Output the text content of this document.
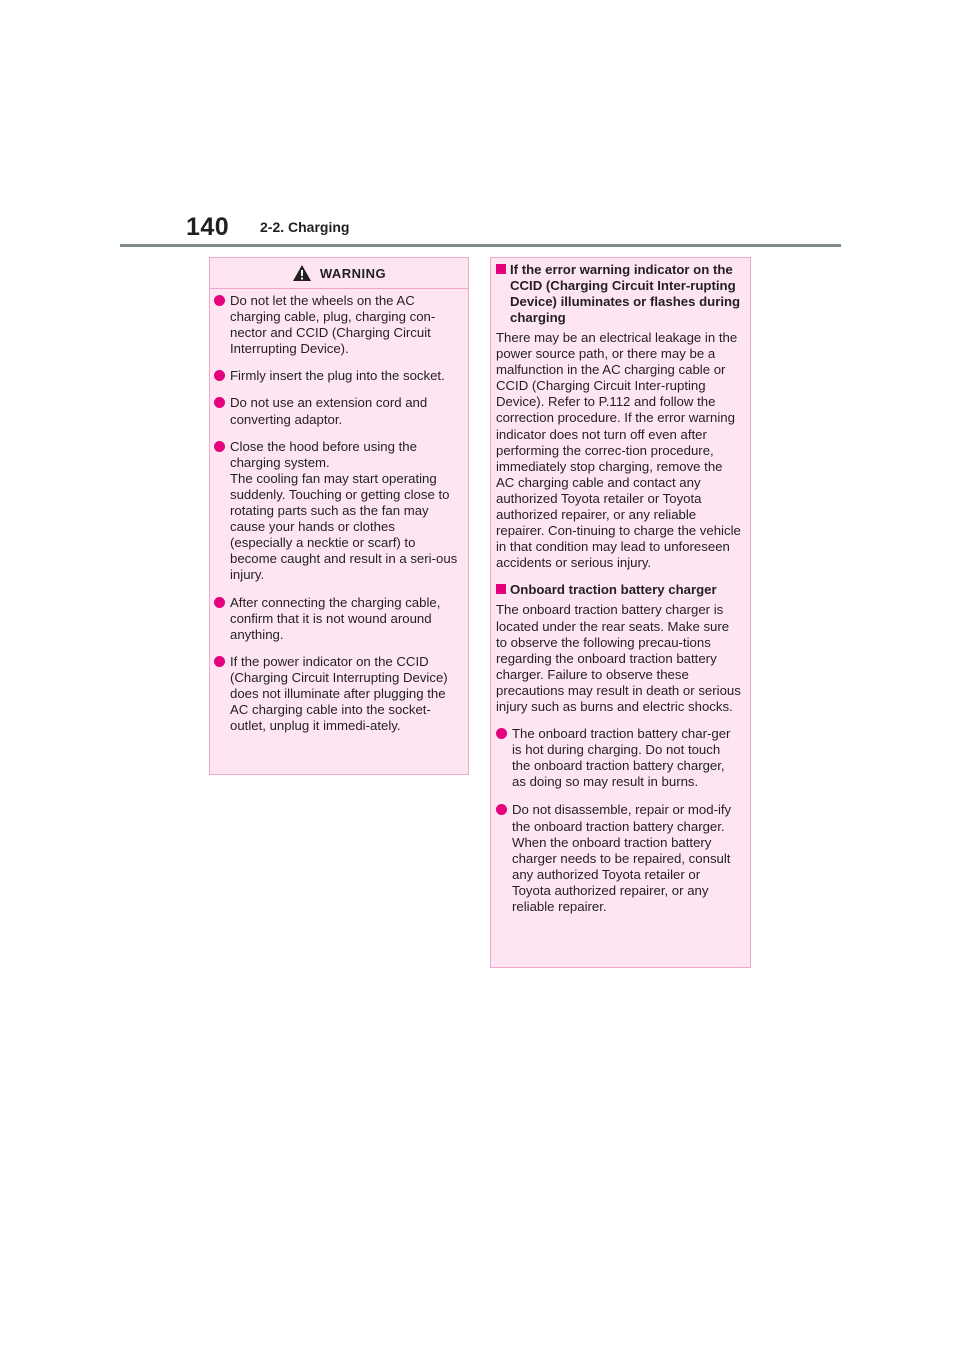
140 2-2. Charging
WARNING
Do not let the wheels on the AC charging cable, plug, charging con-nector and CCID (Charging Circuit Interrupting Device).
Firmly insert the plug into the socket.
Do not use an extension cord and converting adaptor.
Close the hood before using the charging system.
The cooling fan may start operating suddenly. Touching or getting close to rotating parts such as the fan may cause your hands or clothes (especially a necktie or scarf) to become caught and result in a seri-ous injury.
After connecting the charging cable, confirm that it is not wound around anything.
If the power indicator on the CCID (Charging Circuit Interrupting Device) does not illuminate after plugging the AC charging cable into the socket-outlet, unplug it immedi-ately.
If the error warning indicator on the CCID (Charging Circuit Inter-rupting Device) illuminates or flashes during charging
There may be an electrical leakage in the power source path, or there may be a malfunction in the AC charging cable or CCID (Charging Circuit Inter-rupting Device). Refer to P.112 and follow the correction procedure. If the error warning indicator does not turn off even after performing the correc-tion procedure, immediately stop charging, remove the AC charging cable and contact any authorized Toyota retailer or Toyota authorized repairer, or any reliable repairer. Con-tinuing to charge the vehicle in that condition may lead to unforeseen accidents or serious injury.
Onboard traction battery charger
The onboard traction battery charger is located under the rear seats. Make sure to observe the following precau-tions regarding the onboard traction battery charger. Failure to observe these precautions may result in death or serious injury such as burns and electric shocks.
The onboard traction battery char-ger is hot during charging. Do not touch the onboard traction battery charger, as doing so may result in burns.
Do not disassemble, repair or mod-ify the onboard traction battery charger. When the onboard traction battery charger needs to be repaired, consult any authorized Toyota retailer or Toyota authorized repairer, or any reliable repairer.
